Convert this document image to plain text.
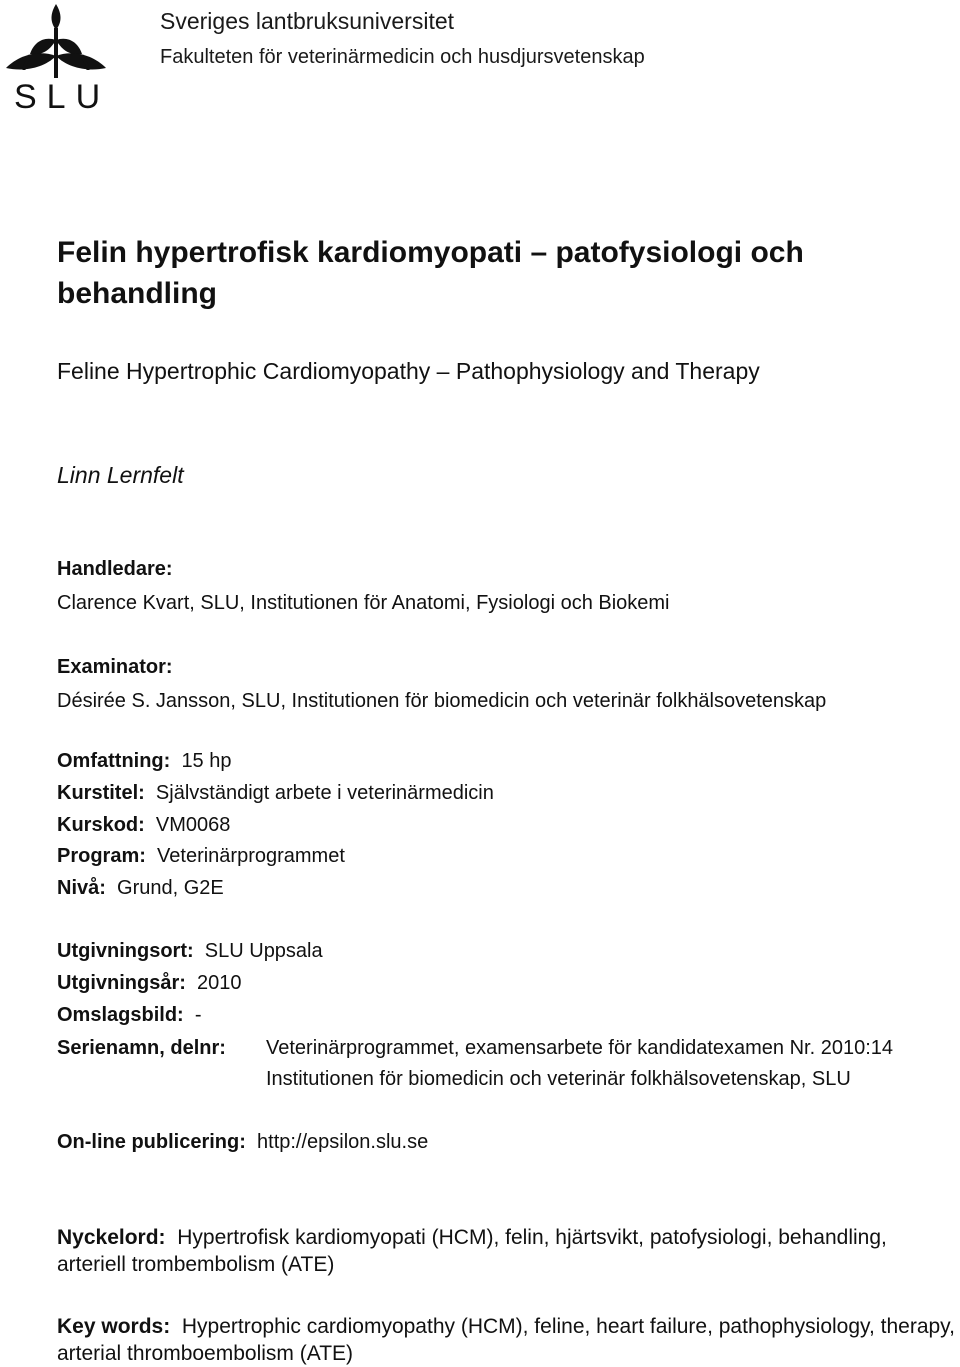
SLU
Sveriges lantbruksuniversitet
Fakulteten för veterinärmedicin och husdjursvetenskap
Felin hypertrofisk kardiomyopati – patofysiologi och behandling
Feline Hypertrophic Cardiomyopathy – Pathophysiology and Therapy
Linn Lernfelt
Handledare:
Clarence Kvart, SLU, Institutionen för Anatomi, Fysiologi och Biokemi
Examinator:
Désirée S. Jansson, SLU, Institutionen för biomedicin och veterinär folkhälsovetenskap
Omfattning: 15 hp
Kurstitel: Självständigt arbete i veterinärmedicin
Kurskod: VM0068
Program: Veterinärprogrammet
Nivå: Grund, G2E
Utgivningsort: SLU Uppsala
Utgivningsår: 2010
Omslagsbild: -
Serienamn, delnr: Veterinärprogrammet, examensarbete för kandidatexamen Nr. 2010:14
Institutionen för biomedicin och veterinär folkhälsovetenskap, SLU
On-line publicering: http://epsilon.slu.se
Nyckelord: Hypertrofisk kardiomyopati (HCM), felin, hjärtsvikt, patofysiologi, behandling, arteriell trombembolism (ATE)
Key words: Hypertrophic cardiomyopathy (HCM), feline, heart failure, pathophysiology, therapy, arterial thromboembolism (ATE)
